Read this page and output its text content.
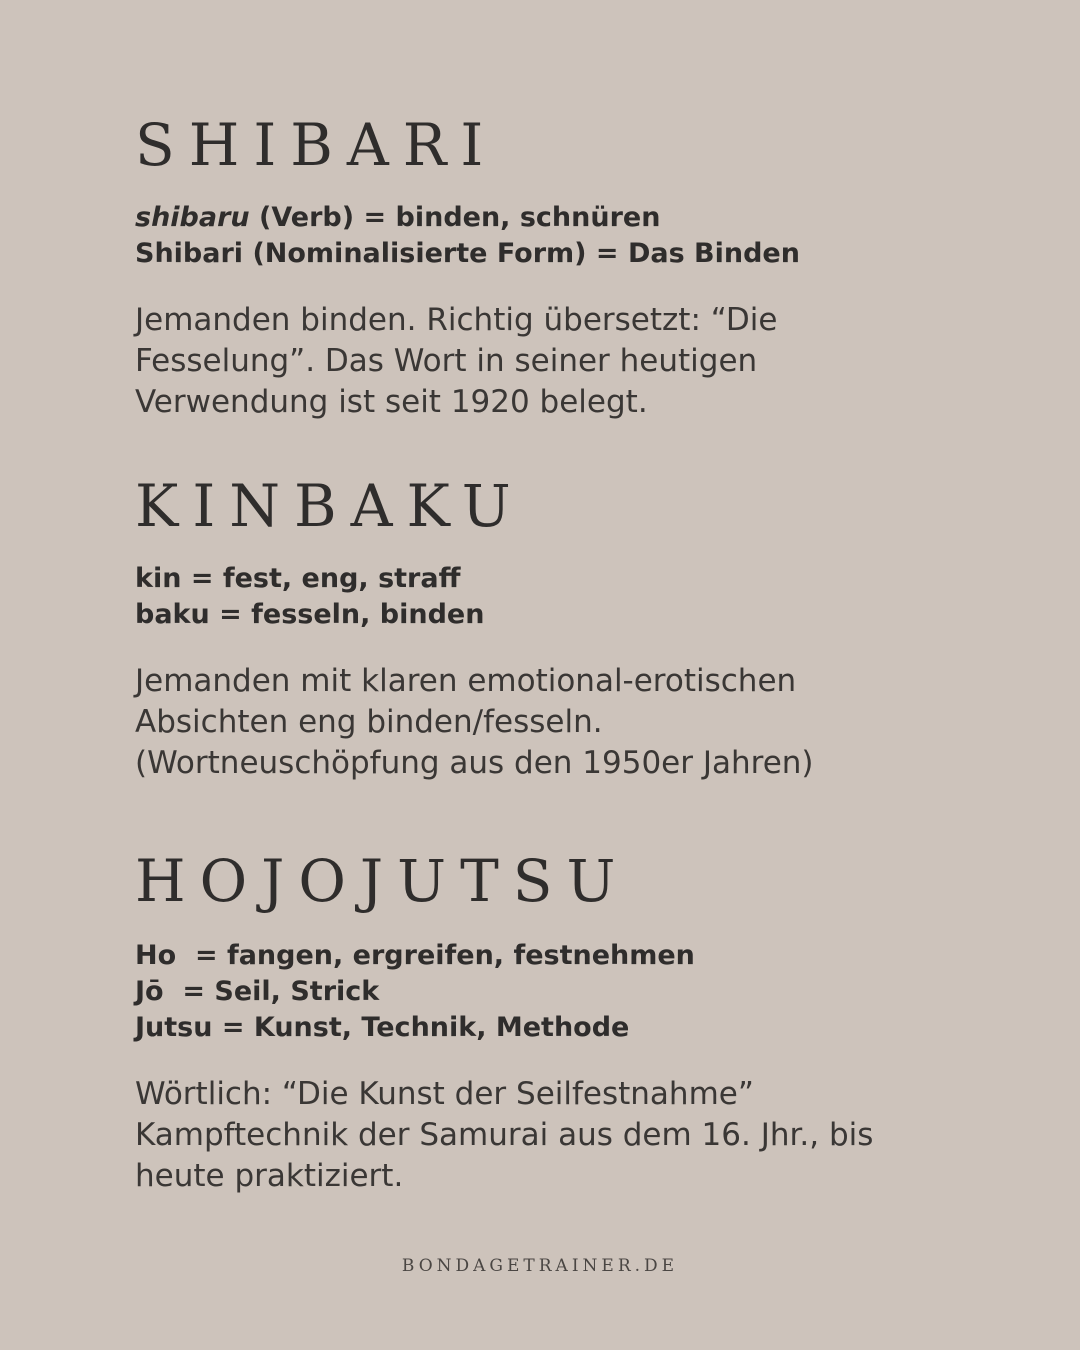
SHIBARI
shibaru (Verb) = binden, schnüren
Shibari (Nominalisierte Form) = Das Binden

Jemanden binden. Richtig übersetzt: “Die
Fesselung”. Das Wort in seiner heutigen
Verwendung ist seit 1920 belegt.

KINBAKU
kin = fest, eng, straff
baku = fesseln, binden

Jemanden mit klaren emotional-erotischen
Absichten eng binden/fesseln.
(Wortneuschöpfung aus den 1950er Jahren)

HOJOJUTSU
Ho  = fangen, ergreifen, festnehmen
Jō  = Seil, Strick
Jutsu = Kunst, Technik, Methode

Wörtlich: “Die Kunst der Seilfestnahme”
Kampftechnik der Samurai aus dem 16. Jhr., bis
heute praktiziert.

BONDAGETRAINER.DE
